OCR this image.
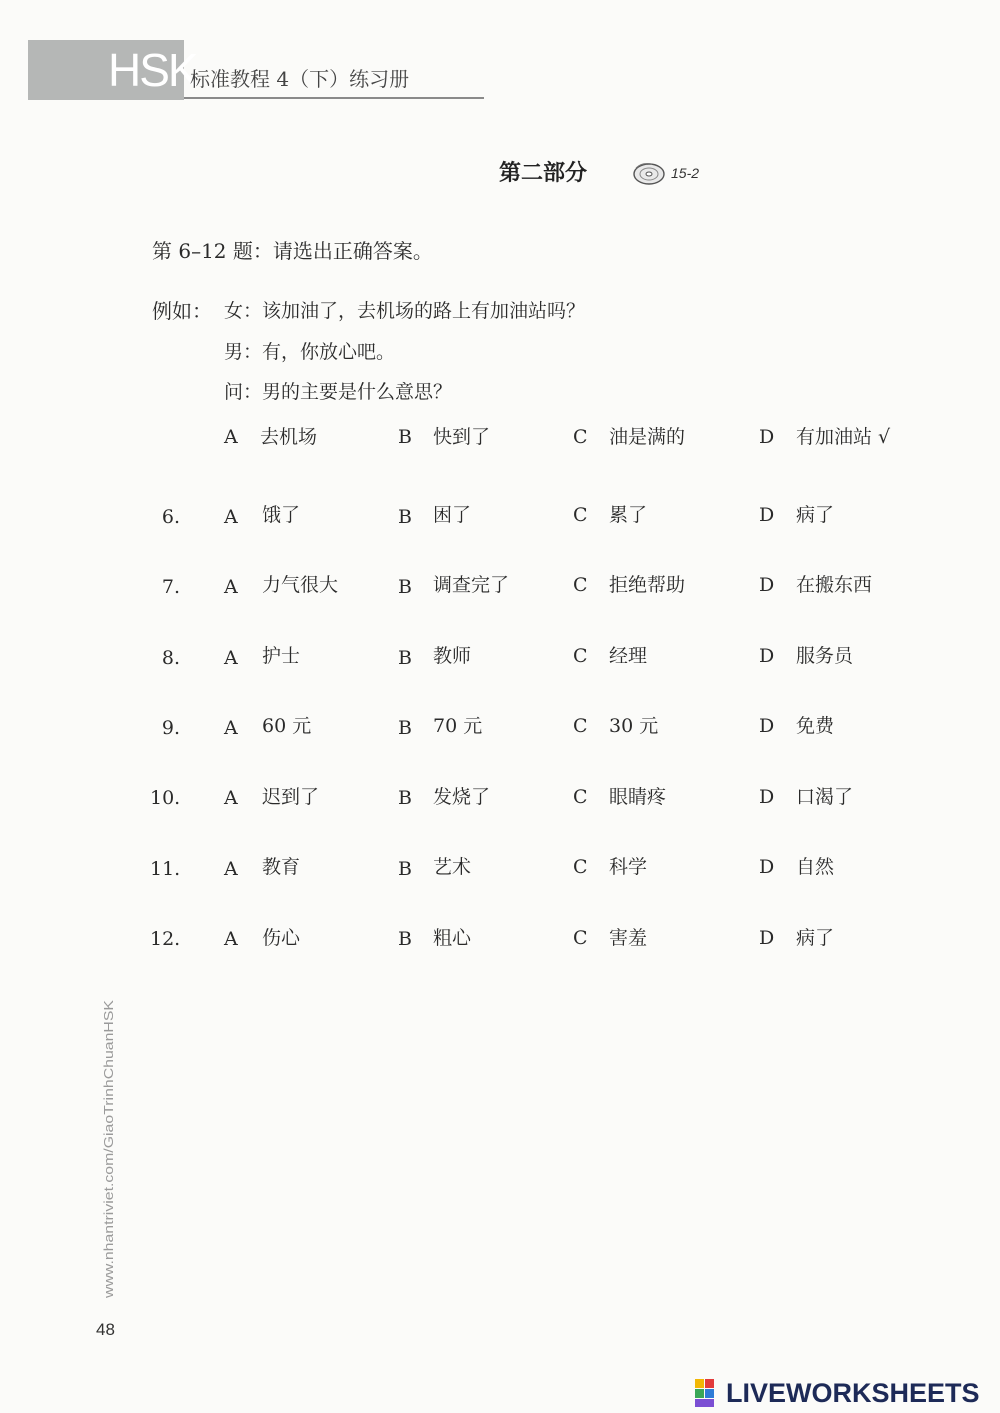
HSK
标准教程 4（下）练习册
第二部分	15-2
第 6–12 题：请选出正确答案。
例如： 女：该加油了，去机场的路上有加油站吗？
男：有，你放心吧。
问：男的主要是什么意思？
A 去机场	B 快到了	C 油是满的	D 有加油站 √
6. A 饿了	B 困了	C 累了	D 病了
7. A 力气很大	B 调查完了	C 拒绝帮助	D 在搬东西
8. A 护士	B 教师	C 经理	D 服务员
9. A 60 元	B 70 元	C 30 元	D 免费
10. A 迟到了	B 发烧了	C 眼睛疼	D 口渴了
11. A 教育	B 艺术	C 科学	D 自然
12. A 伤心	B 粗心	C 害羞	D 病了
www.nhantriviet.com/GiaoTrinhChuanHSK
48
LIVEWORKSHEETS
